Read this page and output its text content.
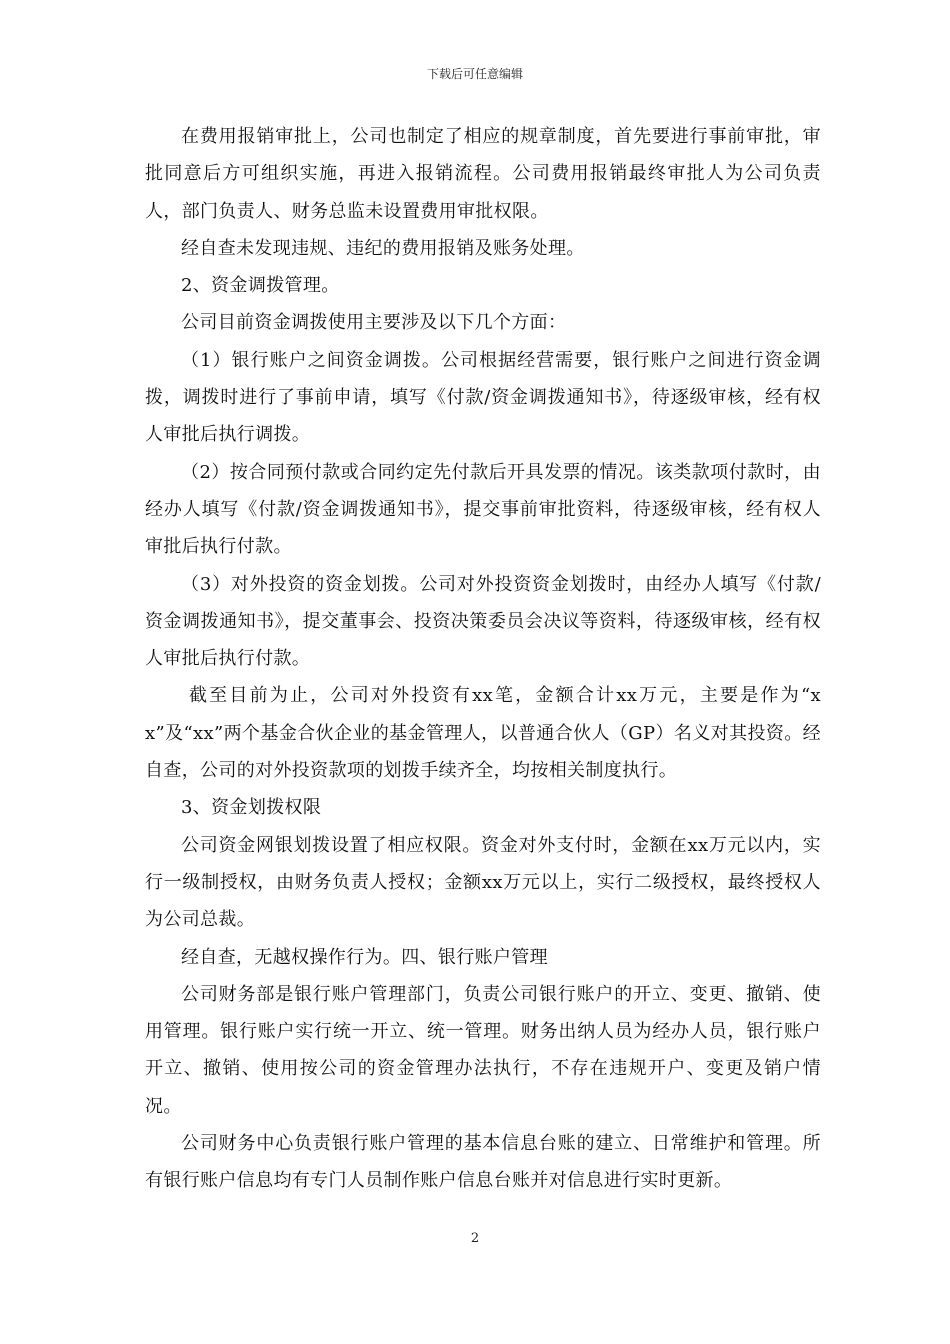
下载后可任意编辑

在费用报销审批上，公司也制定了相应的规章制度，首先要进行事前审批，审批同意后方可组织实施，再进入报销流程。公司费用报销最终审批人为公司负责人，部门负责人、财务总监未设置费用审批权限。

经自查未发现违规、违纪的费用报销及账务处理。

2、资金调拨管理。

公司目前资金调拨使用主要涉及以下几个方面：

（1）银行账户之间资金调拨。公司根据经营需要，银行账户之间进行资金调拨，调拨时进行了事前申请，填写《付款/资金调拨通知书》，待逐级审核，经有权人审批后执行调拨。

（2）按合同预付款或合同约定先付款后开具发票的情况。该类款项付款时，由经办人填写《付款/资金调拨通知书》，提交事前审批资料，待逐级审核，经有权人审批后执行付款。

（3）对外投资的资金划拨。公司对外投资资金划拨时，由经办人填写《付款/资金调拨通知书》，提交董事会、投资决策委员会决议等资料，待逐级审核，经有权人审批后执行付款。

截至目前为止，公司对外投资有xx笔，金额合计xx万元，主要是作为“xx”及“xx”两个基金合伙企业的基金管理人，以普通合伙人（GP）名义对其投资。经自查，公司的对外投资款项的划拨手续齐全，均按相关制度执行。

3、资金划拨权限

公司资金网银划拨设置了相应权限。资金对外支付时，金额在xx万元以内，实行一级制授权，由财务负责人授权；金额xx万元以上，实行二级授权，最终授权人为公司总裁。

经自查，无越权操作行为。四、银行账户管理

公司财务部是银行账户管理部门，负责公司银行账户的开立、变更、撤销、使用管理。银行账户实行统一开立、统一管理。财务出纳人员为经办人员，银行账户开立、撤销、使用按公司的资金管理办法执行，不存在违规开户、变更及销户情况。

公司财务中心负责银行账户管理的基本信息台账的建立、日常维护和管理。所有银行账户信息均有专门人员制作账户信息台账并对信息进行实时更新。

2
